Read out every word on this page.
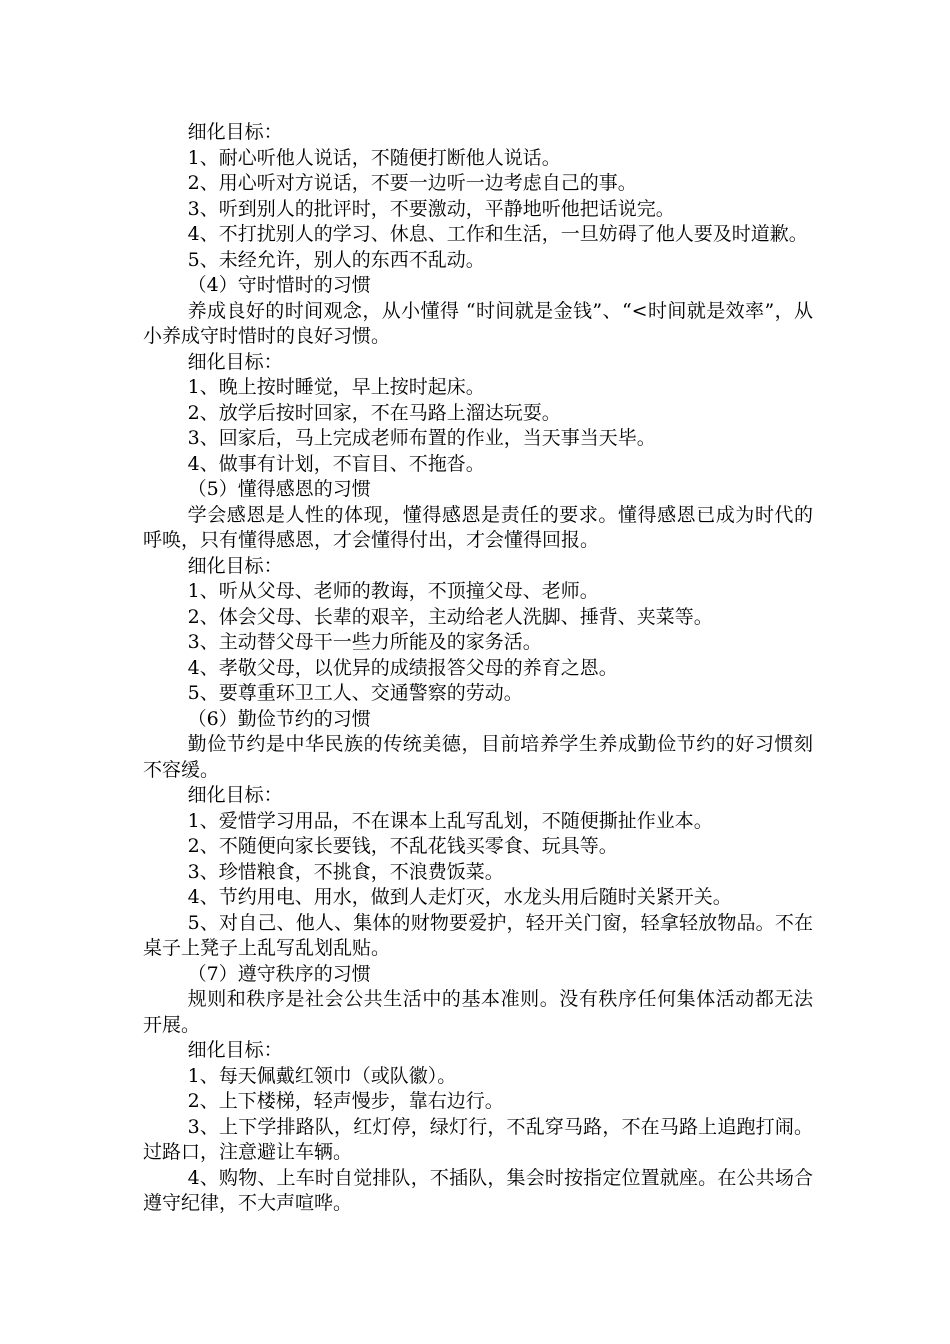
细化目标：

1、耐心听他人说话，不随便打断他人说话。

2、用心听对方说话，不要一边听一边考虑自己的事。

3、听到别人的批评时，不要激动，平静地听他把话说完。

4、不打扰别人的学习、休息、工作和生活，一旦妨碍了他人要及时道歉。

5、未经允许，别人的东西不乱动。

（4）守时惜时的习惯

养成良好的时间观念，从小懂得 “时间就是金钱”、“<时间就是效率”，从小养成守时惜时的良好习惯。

细化目标：

1、晚上按时睡觉，早上按时起床。

2、放学后按时回家，不在马路上溜达玩耍。

3、回家后，马上完成老师布置的作业，当天事当天毕。

4、做事有计划，不盲目、不拖沓。

（5）懂得感恩的习惯

学会感恩是人性的体现，懂得感恩是责任的要求。懂得感恩已成为时代的呼唤，只有懂得感恩，才会懂得付出，才会懂得回报。

细化目标：

1、听从父母、老师的教诲，不顶撞父母、老师。

2、体会父母、长辈的艰辛，主动给老人洗脚、捶背、夹菜等。

3、主动替父母干一些力所能及的家务活。

4、孝敬父母，以优异的成绩报答父母的养育之恩。

5、要尊重环卫工人、交通警察的劳动。

（6）勤俭节约的习惯

勤俭节约是中华民族的传统美德，目前培养学生养成勤俭节约的好习惯刻不容缓。

细化目标：

1、爱惜学习用品，不在课本上乱写乱划，不随便撕扯作业本。

2、不随便向家长要钱，不乱花钱买零食、玩具等。

3、珍惜粮食，不挑食，不浪费饭菜。

4、节约用电、用水，做到人走灯灭，水龙头用后随时关紧开关。

5、对自己、他人、集体的财物要爱护，轻开关门窗，轻拿轻放物品。不在桌子上凳子上乱写乱划乱贴。

（7）遵守秩序的习惯

规则和秩序是社会公共生活中的基本准则。没有秩序任何集体活动都无法开展。

细化目标：

1、每天佩戴红领巾（或队徽）。

2、上下楼梯，轻声慢步，靠右边行。

3、上下学排路队，红灯停，绿灯行，不乱穿马路，不在马路上追跑打闹。过路口，注意避让车辆。

4、购物、上车时自觉排队，不插队，集会时按指定位置就座。在公共场合遵守纪律，不大声喧哗。
